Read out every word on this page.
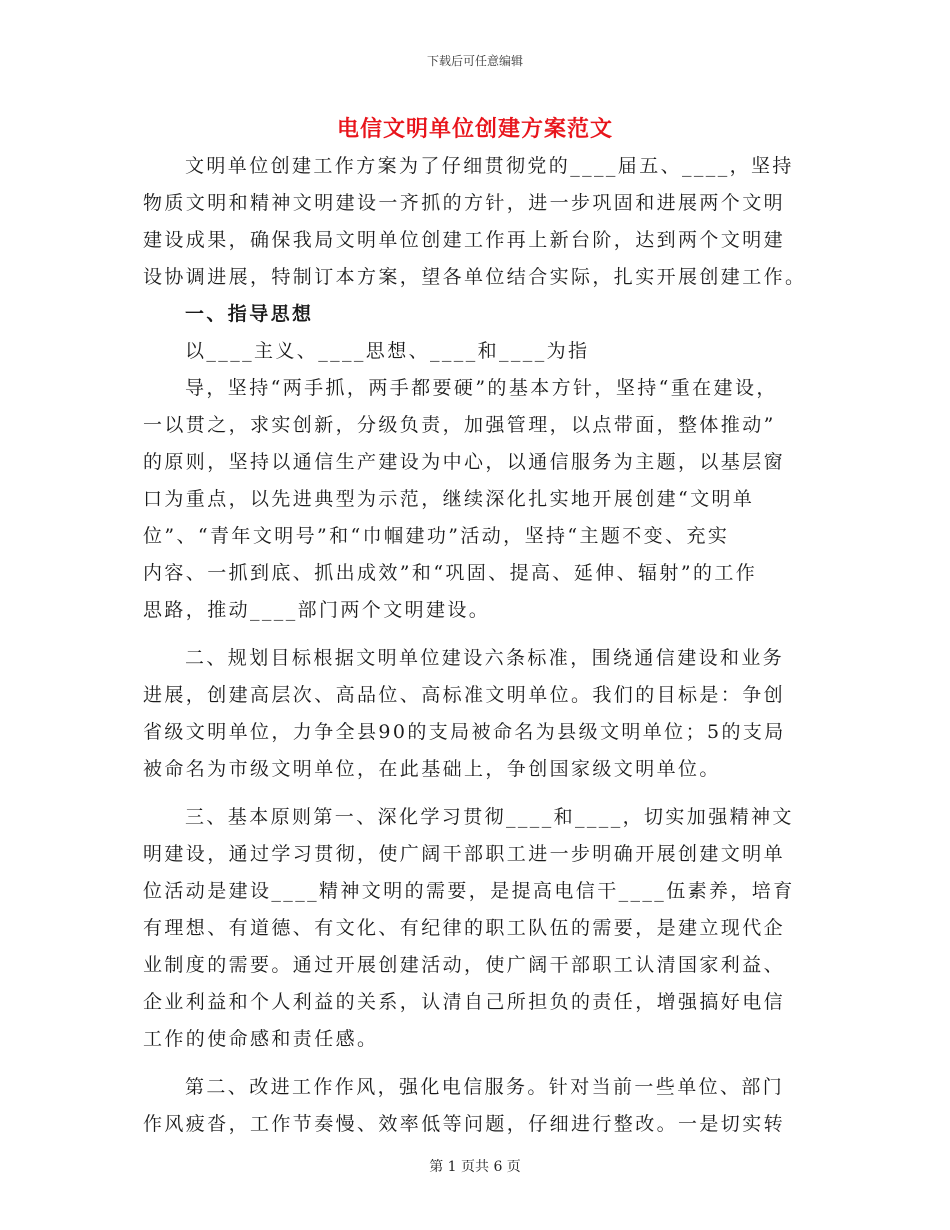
下载后可任意编辑
电信文明单位创建方案范文
文明单位创建工作方案为了仔细贯彻党的____届五、____，坚持
物质文明和精神文明建设一齐抓的方针，进一步巩固和进展两个文明
建设成果，确保我局文明单位创建工作再上新台阶，达到两个文明建
设协调进展，特制订本方案，望各单位结合实际，扎实开展创建工作。
一、指导思想
以____主义、____思想、____和____为指
导，坚持“两手抓，两手都要硬”的基本方针，坚持“重在建设，
一以贯之，求实创新，分级负责，加强管理，以点带面，整体推动”
的原则，坚持以通信生产建设为中心，以通信服务为主题，以基层窗
口为重点，以先进典型为示范，继续深化扎实地开展创建“文明单
位”、“青年文明号”和“巾帼建功”活动，坚持“主题不变、充实
内容、一抓到底、抓出成效”和“巩固、提高、延伸、辐射”的工作
思路，推动____部门两个文明建设。
二、规划目标根据文明单位建设六条标准，围绕通信建设和业务
进展，创建高层次、高品位、高标准文明单位。我们的目标是：争创
省级文明单位，力争全县90的支局被命名为县级文明单位；5的支局
被命名为市级文明单位，在此基础上，争创国家级文明单位。
三、基本原则第一、深化学习贯彻____和____，切实加强精神文
明建设，通过学习贯彻，使广阔干部职工进一步明确开展创建文明单
位活动是建设____精神文明的需要，是提高电信干____伍素养，培育
有理想、有道德、有文化、有纪律的职工队伍的需要，是建立现代企
业制度的需要。通过开展创建活动，使广阔干部职工认清国家利益、
企业利益和个人利益的关系，认清自己所担负的责任，增强搞好电信
工作的使命感和责任感。
第二、改进工作作风，强化电信服务。针对当前一些单位、部门
作风疲沓，工作节奏慢、效率低等问题，仔细进行整改。一是切实转
第 1 页共 6 页
